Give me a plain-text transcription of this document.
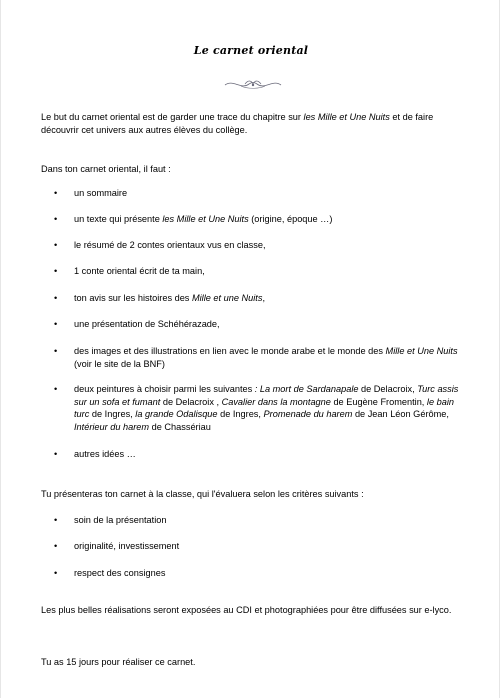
Le carnet oriental
Le but du carnet oriental est de garder une trace du chapitre sur les Mille et Une Nuits et de faire découvrir cet univers aux autres élèves du collège.
Dans ton carnet oriental, il faut :
• un sommaire
• un texte qui présente les Mille et Une Nuits (origine, époque …)
• le résumé de 2 contes orientaux vus en classe,
• 1 conte oriental écrit de ta main,
• ton avis sur les histoires des Mille et une Nuits,
• une présentation de Schéhérazade,
• des images et des illustrations en lien avec le monde arabe et le monde des Mille et Une Nuits (voir le site de la BNF)
• deux peintures à choisir parmi les suivantes : La mort de Sardanapale de Delacroix, Turc assis sur un sofa et fumant de Delacroix , Cavalier dans la montagne de Eugène Fromentin, le bain turc de Ingres, la grande Odalisque de Ingres, Promenade du harem de Jean Léon Gérôme, Intérieur du harem de Chassériau
• autres idées …
Tu présenteras ton carnet à la classe, qui l'évaluera selon les critères suivants :
• soin de la présentation
• originalité, investissement
• respect des consignes
Les plus belles réalisations seront exposées au CDI et photographiées pour être diffusées sur e-lyco.
Tu as 15 jours pour réaliser ce carnet.
